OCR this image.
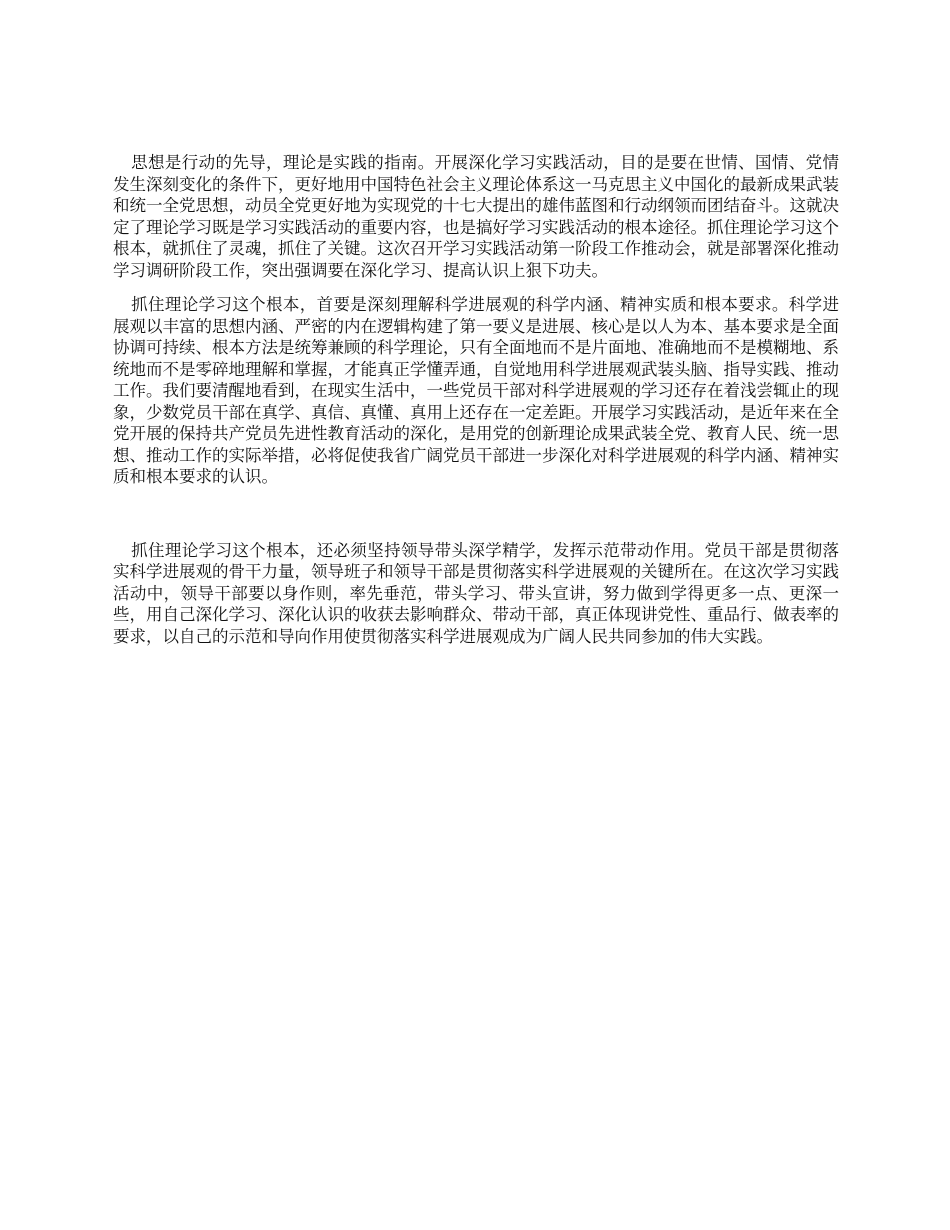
思想是行动的先导，理论是实践的指南。开展深化学习实践活动，目的是要在世情、国情、党情发生深刻变化的条件下，更好地用中国特色社会主义理论体系这一马克思主义中国化的最新成果武装和统一全党思想，动员全党更好地为实现党的十七大提出的雄伟蓝图和行动纲领而团结奋斗。这就决定了理论学习既是学习实践活动的重要内容，也是搞好学习实践活动的根本途径。抓住理论学习这个根本，就抓住了灵魂，抓住了关键。这次召开学习实践活动第一阶段工作推动会，就是部署深化推动学习调研阶段工作，突出强调要在深化学习、提高认识上狠下功夫。

抓住理论学习这个根本，首要是深刻理解科学进展观的科学内涵、精神实质和根本要求。科学进展观以丰富的思想内涵、严密的内在逻辑构建了第一要义是进展、核心是以人为本、基本要求是全面协调可持续、根本方法是统筹兼顾的科学理论，只有全面地而不是片面地、准确地而不是模糊地、系统地而不是零碎地理解和掌握，才能真正学懂弄通，自觉地用科学进展观武装头脑、指导实践、推动工作。我们要清醒地看到，在现实生活中，一些党员干部对科学进展观的学习还存在着浅尝辄止的现象，少数党员干部在真学、真信、真懂、真用上还存在一定差距。开展学习实践活动，是近年来在全党开展的保持共产党员先进性教育活动的深化，是用党的创新理论成果武装全党、教育人民、统一思想、推动工作的实际举措，必将促使我省广阔党员干部进一步深化对科学进展观的科学内涵、精神实质和根本要求的认识。

抓住理论学习这个根本，还必须坚持领导带头深学精学，发挥示范带动作用。党员干部是贯彻落实科学进展观的骨干力量，领导班子和领导干部是贯彻落实科学进展观的关键所在。在这次学习实践活动中，领导干部要以身作则，率先垂范，带头学习、带头宣讲，努力做到学得更多一点、更深一些，用自己深化学习、深化认识的收获去影响群众、带动干部，真正体现讲党性、重品行、做表率的要求，以自己的示范和导向作用使贯彻落实科学进展观成为广阔人民共同参加的伟大实践。
